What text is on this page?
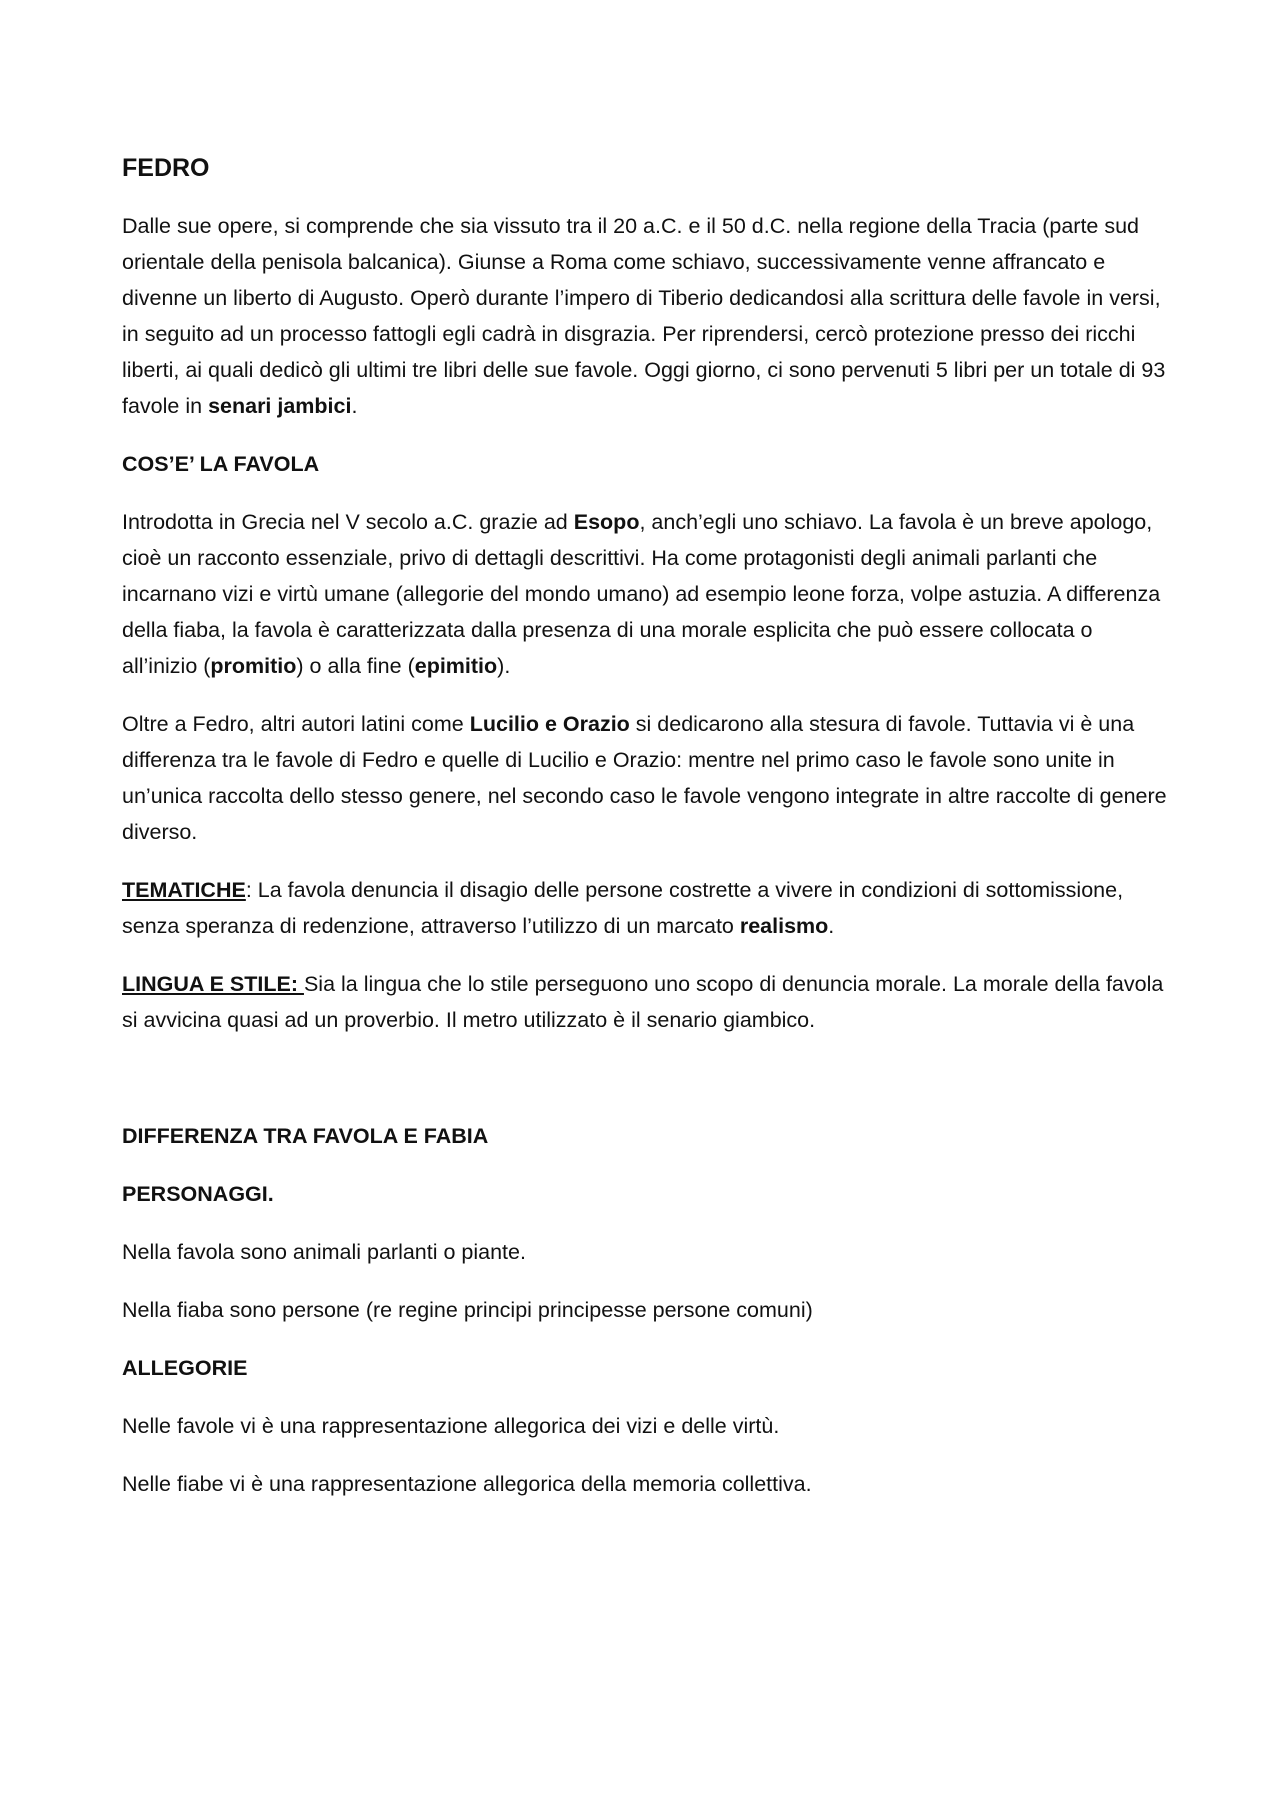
FEDRO

Dalle sue opere, si comprende che sia vissuto tra il 20 a.C. e il 50 d.C. nella regione della Tracia (parte sud orientale della penisola balcanica). Giunse a Roma come schiavo, successivamente venne affrancato e divenne un liberto di Augusto. Operò durante l’impero di Tiberio dedicandosi alla scrittura delle favole in versi, in seguito ad un processo fattogli egli cadrà in disgrazia. Per riprendersi, cercò protezione presso dei ricchi liberti, ai quali dedicò gli ultimi tre libri delle sue favole. Oggi giorno, ci sono pervenuti 5 libri per un totale di 93 favole in senari jambici.

COS’E’ LA FAVOLA

Introdotta in Grecia nel V secolo a.C. grazie ad Esopo, anch’egli uno schiavo. La favola è un breve apologo, cioè un racconto essenziale, privo di dettagli descrittivi. Ha come protagonisti degli animali parlanti che incarnano vizi e virtù umane (allegorie del mondo umano) ad esempio leone forza, volpe astuzia. A differenza della fiaba, la favola è caratterizzata dalla presenza di una morale esplicita che può essere collocata o all’inizio (promitio) o alla fine (epimitio).

Oltre a Fedro, altri autori latini come Lucilio e Orazio si dedicarono alla stesura di favole. Tuttavia vi è una differenza tra le favole di Fedro e quelle di Lucilio e Orazio: mentre nel primo caso le favole sono unite in un’unica raccolta dello stesso genere, nel secondo caso le favole vengono integrate in altre raccolte di genere diverso.

TEMATICHE: La favola denuncia il disagio delle persone costrette a vivere in condizioni di sottomissione, senza speranza di redenzione, attraverso l’utilizzo di un marcato realismo.

LINGUA E STILE: Sia la lingua che lo stile perseguono uno scopo di denuncia morale. La morale della favola si avvicina quasi ad un proverbio. Il metro utilizzato è il senario giambico.

DIFFERENZA TRA FAVOLA E FABIA
PERSONAGGI.

Nella favola sono animali parlanti o piante.

Nella fiaba sono persone (re regine principi principesse persone comuni)

ALLEGORIE

Nelle favole vi è una rappresentazione allegorica dei vizi e delle virtù.

Nelle fiabe vi è una rappresentazione allegorica della memoria collettiva.
